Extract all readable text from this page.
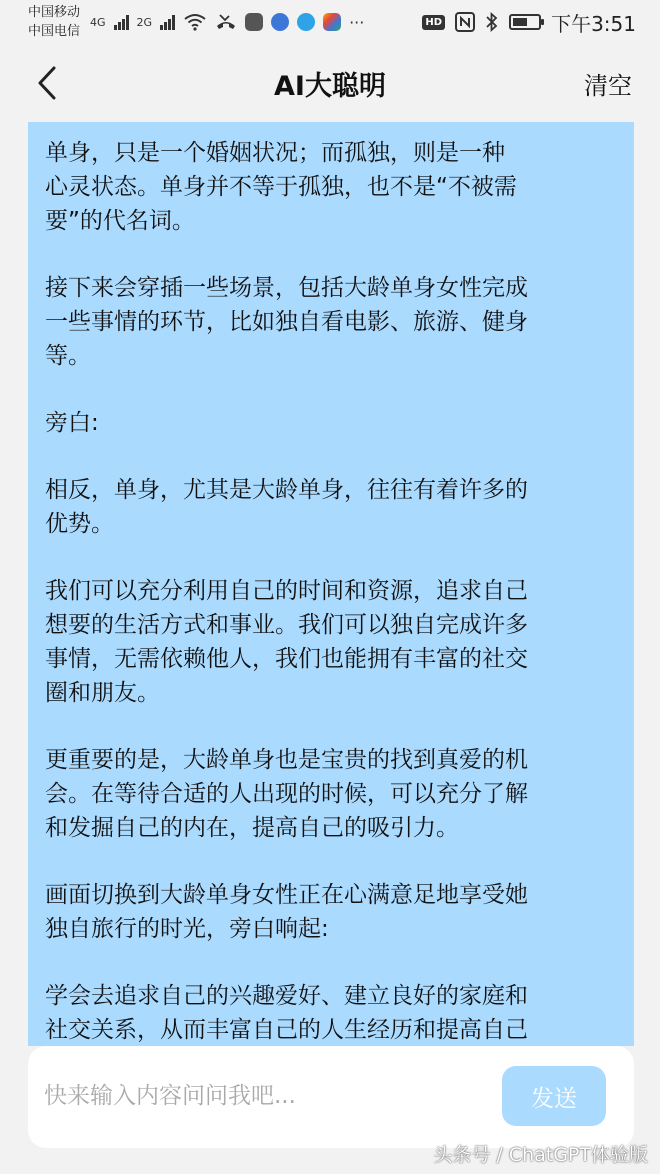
中国移动
中国电信
4G	2G	···	HD	下午3:51
AI大聪明	清空

单身，只是一个婚姻状况；而孤独，则是一种
心灵状态。单身并不等于孤独，也不是“不被需
要”的代名词。

接下来会穿插一些场景，包括大龄单身女性完成
一些事情的环节，比如独自看电影、旅游、健身
等。

旁白:

相反，单身，尤其是大龄单身，往往有着许多的
优势。

我们可以充分利用自己的时间和资源，追求自己
想要的生活方式和事业。我们可以独自完成许多
事情，无需依赖他人，我们也能拥有丰富的社交
圈和朋友。

更重要的是，大龄单身也是宝贵的找到真爱的机
会。在等待合适的人出现的时候，可以充分了解
和发掘自己的内在，提高自己的吸引力。

画面切换到大龄单身女性正在心满意足地享受她
独自旅行的时光，旁白响起:

学会去追求自己的兴趣爱好、建立良好的家庭和
社交关系，从而丰富自己的人生经历和提高自己

快来输入内容问问我吧...
发送
头条号 / ChatGPT体验版
